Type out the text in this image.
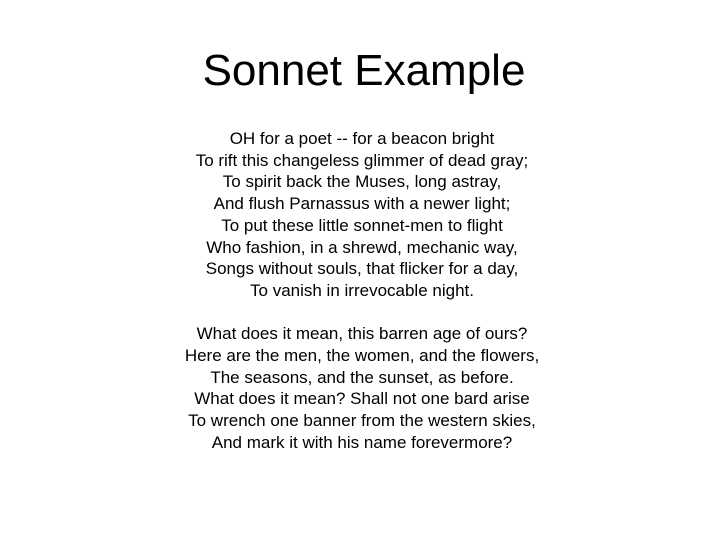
Sonnet Example

OH for a poet -- for a beacon bright
To rift this changeless glimmer of dead gray;
To spirit back the Muses, long astray,
And flush Parnassus with a newer light;
To put these little sonnet-men to flight
Who fashion, in a shrewd, mechanic way,
Songs without souls, that flicker for a day,
To vanish in irrevocable night.

What does it mean, this barren age of ours?
Here are the men, the women, and the flowers,
The seasons, and the sunset, as before.
What does it mean? Shall not one bard arise
To wrench one banner from the western skies,
And mark it with his name forevermore?
